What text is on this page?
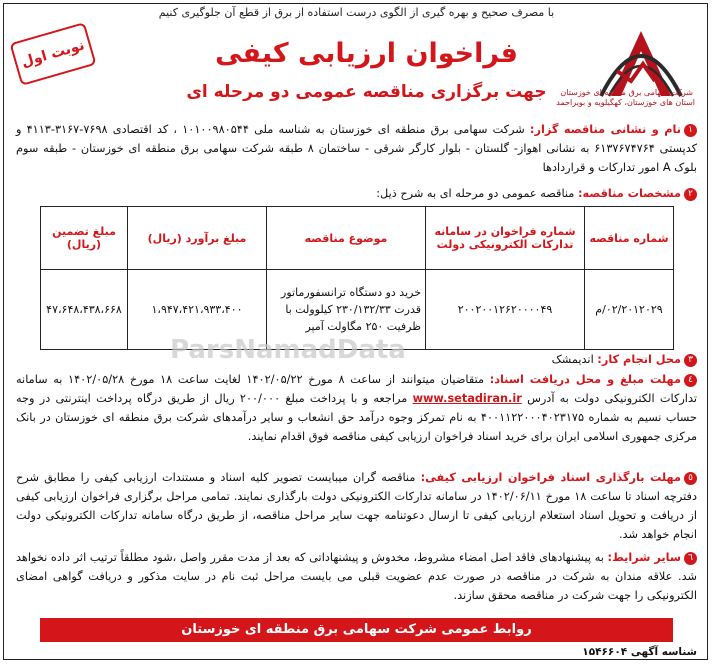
با مصرف صحیح و بهره گیری از الگوی درست استفاده از برق از قطع آن جلوگیری کنیم
نوبت اول
شرکت سهامی برق منطقه ای خوزستان
استان های خوزستان، کهگیلویه و بویراحمد
فراخوان ارزیابی کیفی
جهت برگزاری مناقصه عمومی دو مرحله ای
١نام و نشانی مناقصه گزار: شرکت سهامی برق منطقه ای خوزستان به شناسه ملی ۱۰۱۰۰۹۸۰۵۴۴ ، کد اقتصادی ۷۶۹۸-۳۱۶۷-۴۱۱۳ و کدپستی ۶۱۳۷۶۷۴۷۶۴ به نشانی اهواز- گلستان - بلوار کارگر شرقی - ساختمان ۸ طبقه شرکت سهامی برق منطقه ای خوزستان - طبقه سوم بلوک A امور تدارکات و قراردادها
٢مشخصات مناقصه: مناقصه عمومی دو مرحله ای به شرح ذیل:
شماره مناقصه	شماره فراخوان در سامانه تدارکات الکترونیکی دولت	موضوع مناقصه	مبلغ برآورد (ریال)	مبلغ تضمین (ریال)
۰۲/۲۰۱۲۰۲۹/م	۲۰۰۲۰۰۱۲۶۲۰۰۰۰۴۹	خرید دو دستگاه ترانسفورماتور قدرت ۲۳۰/۱۳۲/۳۳ کیلوولت با ظرفیت ۲۵۰ مگاولت آمپر	۱،۹۴۷،۴۲۱،۹۳۳،۴۰۰	۴۷،۶۴۸،۴۳۸،۶۶۸
ParsNamadData	٣محل انجام کار: اندیمشک
٤مهلت مبلغ و محل دریافت اسناد: متقاضیان میتوانند از ساعت ۸ مورخ ۱۴۰۲/۰۵/۲۲ لغایت ساعت ۱۸ مورخ ۱۴۰۲/۰۵/۲۸ به سامانه تدارکات الکترونیکی دولت به آدرس www.setadiran.ir مراجعه و با پرداخت مبلغ ۲۰۰/۰۰۰ ریال از طریق درگاه پرداخت اینترنتی در وجه حساب نسیم به شماره ۴۰۰۱۱۲۲۰۰۰۴۰۲۳۱۷۵ به نام تمرکز وجوه درآمد حق انشعاب و سایر درآمدهای شرکت برق منطقه ای خوزستان در بانک مرکزی جمهوری اسلامی ایران برای خرید اسناد فراخوان ارزیابی کیفی مناقصه فوق اقدام نمایند.
٥مهلت بارگذاری اسناد فراخوان ارزیابی کیفی: مناقصه گران میبایست تصویر کلیه اسناد و مستندات ارزیابی کیفی را مطابق شرح دفترچه اسناد تا ساعت ۱۸ مورخ ۱۴۰۲/۰۶/۱۱ در سامانه تدارکات الکترونیکی دولت بارگذاری نمایند. تمامی مراحل برگزاری فراخوان ارزیابی کیفی از دریافت و تحویل اسناد استعلام ارزیابی کیفی تا ارسال دعوتنامه جهت سایر مراحل مناقصه، از طریق درگاه سامانه تدارکات الکترونیکی دولت انجام خواهد شد.
٦سایر شرایط: به پیشنهادهای فاقد اصل امضاء مشروط، مخدوش و پیشنهاداتی که بعد از مدت مقرر واصل ،شود مطلقاً ترتیب اثر داده نخواهد شد. علاقه مندان به شرکت در مناقصه در صورت عدم عضویت قبلی می بایست مراحل ثبت نام در سایت مذکور و دریافت گواهی امضای الکترونیکی را جهت شرکت در مناقصه محقق سازند.
روابط عمومی شرکت سهامی برق منطقه ای خوزستان
شناسه آگهی ۱۵۴۶۶۰۴
